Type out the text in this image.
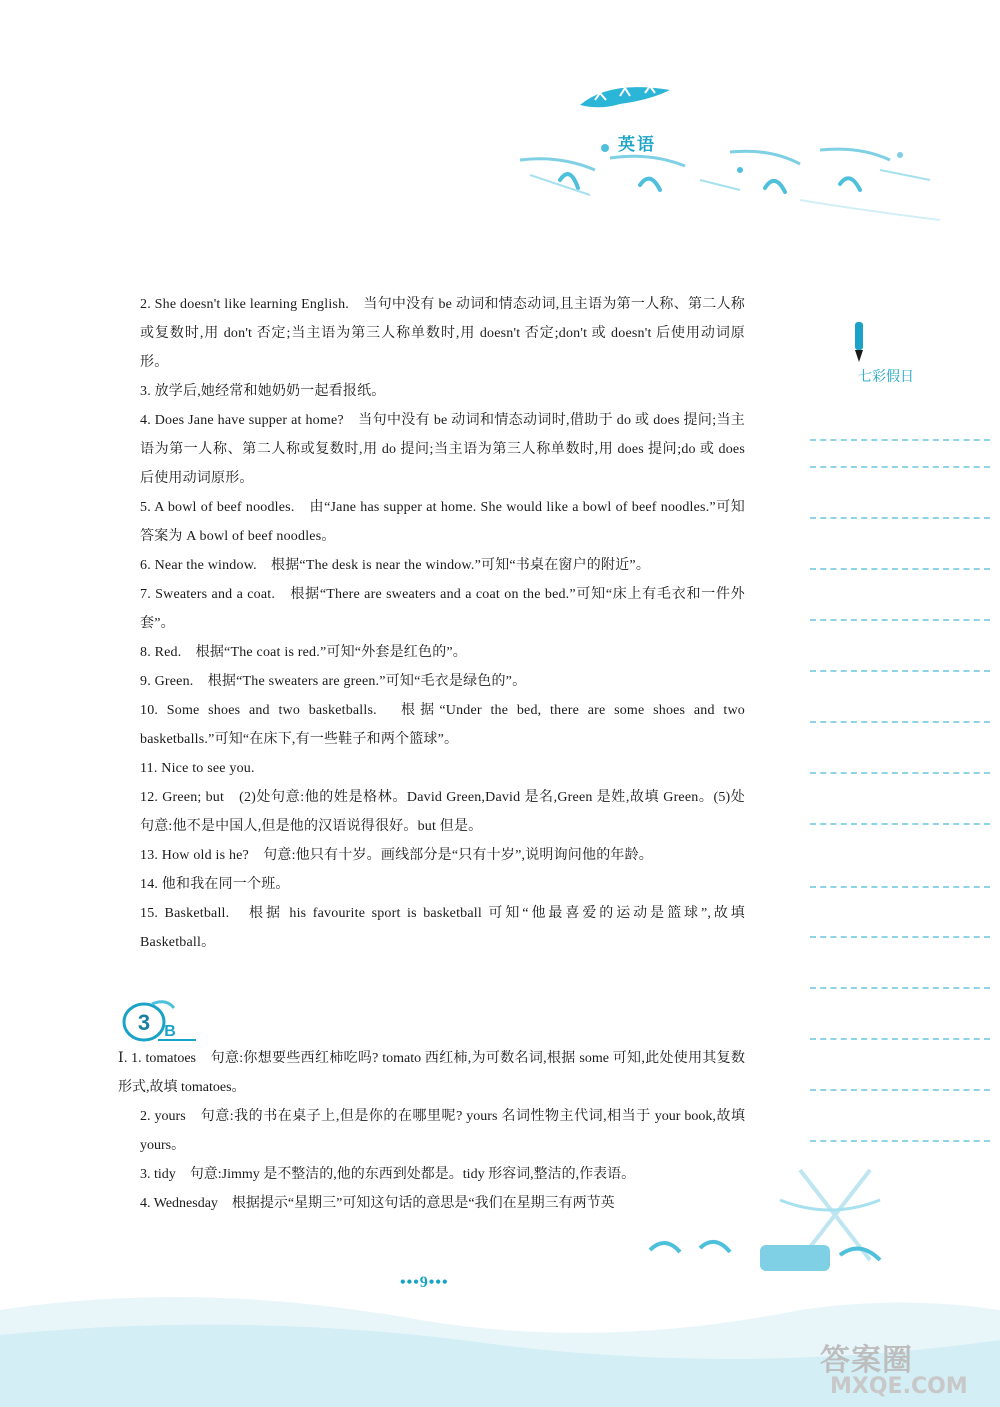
英语
七彩假日

2. She doesn't like learning English.　当句中没有 be 动词和情态动词,且主语为第一人称、第二人称或复数时,用 don't 否定;当主语为第三人称单数时,用 doesn't 否定;don't 或 doesn't 后使用动词原形。

3. 放学后,她经常和她奶奶一起看报纸。

4. Does Jane have supper at home?　当句中没有 be 动词和情态动词时,借助于 do 或 does 提问;当主语为第一人称、第二人称或复数时,用 do 提问;当主语为第三人称单数时,用 does 提问;do 或 does 后使用动词原形。

5. A bowl of beef noodles.　由“Jane has supper at home. She would like a bowl of beef noodles.”可知答案为 A bowl of beef noodles。

6. Near the window.　根据“The desk is near the window.”可知“书桌在窗户的附近”。

7. Sweaters and a coat.　根据“There are sweaters and a coat on the bed.”可知“床上有毛衣和一件外套”。

8. Red.　根据“The coat is red.”可知“外套是红色的”。

9. Green.　根据“The sweaters are green.”可知“毛衣是绿色的”。

10. Some shoes and two basketballs.　根据“Under the bed, there are some shoes and two basketballs.”可知“在床下,有一些鞋子和两个篮球”。

11. Nice to see you.

12. Green; but　(2)处句意:他的姓是格林。David Green,David 是名,Green 是姓,故填 Green。(5)处句意:他不是中国人,但是他的汉语说得很好。but 但是。

13. How old is he?　句意:他只有十岁。画线部分是“只有十岁”,说明询问他的年龄。

14. 他和我在同一个班。

15. Basketball.　根据 his favourite sport is basketball 可知“他最喜爱的运动是篮球”,故填 Basketball。

3 B

Ⅰ. 1. tomatoes　句意:你想要些西红柿吃吗? tomato 西红柿,为可数名词,根据 some 可知,此处使用其复数形式,故填 tomatoes。

2. yours　句意:我的书在桌子上,但是你的在哪里呢? yours 名词性物主代词,相当于 your book,故填 yours。

3. tidy　句意:Jimmy 是不整洁的,他的东西到处都是。tidy 形容词,整洁的,作表语。

4. Wednesday　根据提示“星期三”可知这句话的意思是“我们在星期三有两节英

•••9•••
答案圈
MXQE.COM
